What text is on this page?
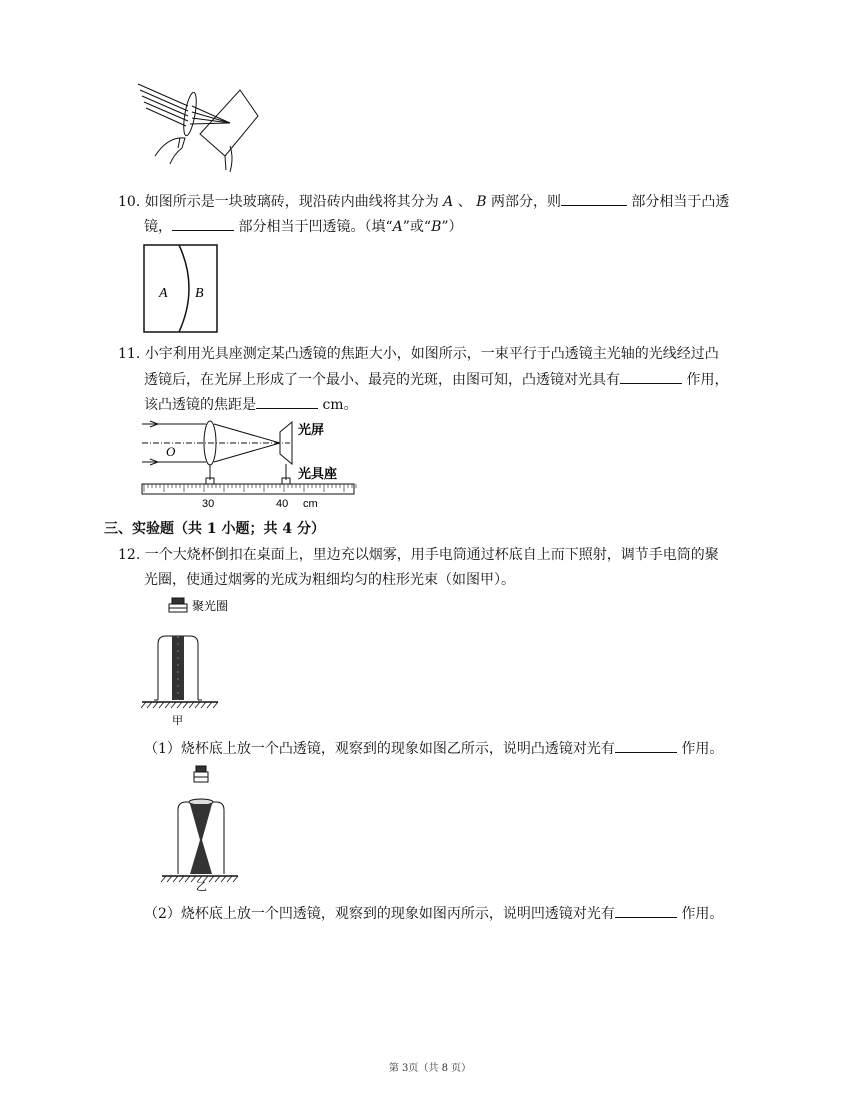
10. 如图所示是一块玻璃砖，现沿砖内曲线将其分为 A 、 B 两部分，则	部分相当于凸透
镜，	部分相当于凹透镜。（填“A”或“B”）
A B
11. 小宇利用光具座测定某凸透镜的焦距大小，如图所示，一束平行于凸透镜主光轴的光线经过凸
透镜后，在光屏上形成了一个最小、最亮的光斑，由图可知，凸透镜对光具有	作用，
该凸透镜的焦距是	cm。
O
光屏
光具座
30	40 cm
三、实验题（共 1 小题；共 4 分）
12. 一个大烧杯倒扣在桌面上，里边充以烟雾，用手电筒通过杯底自上而下照射，调节手电筒的聚
光圈，使通过烟雾的光成为粗细均匀的柱形光束（如图甲）。
聚光圈
甲
（1）烧杯底上放一个凸透镜，观察到的现象如图乙所示，说明凸透镜对光有	作用。
乙
（2）烧杯底上放一个凹透镜，观察到的现象如图丙所示，说明凹透镜对光有	作用。
第 3页（共 8 页）
